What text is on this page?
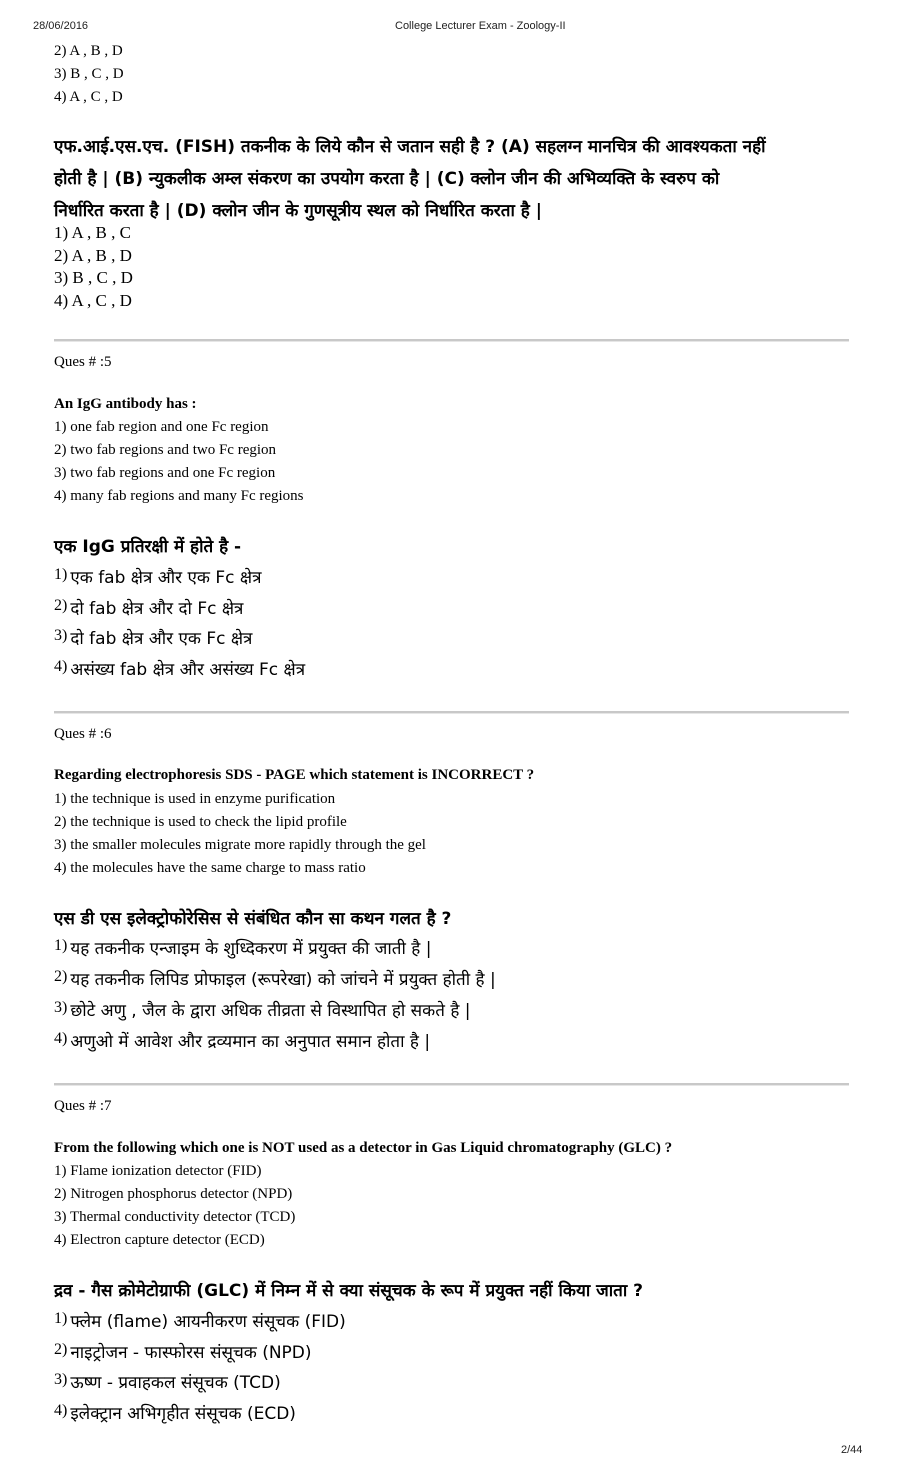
28/06/2016	College Lecturer Exam - Zoology-II
2) A , B , D
3) B , C , D
4) A , C , D
एफ.आई.एस.एच. (FISH) तकनीक के लिये कौन से जतान सही है ? (A) सहलग्न मानचित्र की आवश्यकता नहीं
होती है | (B) न्युकलीक अम्ल संकरण का उपयोग करता है | (C) क्लोन जीन की अभिव्यक्ति के स्वरुप को
निर्धारित करता है | (D) क्लोन जीन के गुणसूत्रीय स्थल को निर्धारित करता है |
1) A , B , C
2) A , B , D
3) B , C , D
4) A , C , D
Ques # :5
An IgG antibody has :
1) one fab region and one Fc region
2) two fab regions and two Fc region
3) two fab regions and one Fc region
4) many fab regions and many Fc regions
एक IgG प्रतिरक्षी में होते है -
1) एक fab क्षेत्र और एक Fc क्षेत्र
2) दो fab क्षेत्र और दो Fc क्षेत्र
3) दो fab क्षेत्र और एक Fc क्षेत्र
4) असंख्य fab क्षेत्र और असंख्य Fc क्षेत्र
Ques # :6
Regarding electrophoresis SDS - PAGE which statement is INCORRECT ?
1) the technique is used in enzyme purification
2) the technique is used to check the lipid profile
3) the smaller molecules migrate more rapidly through the gel
4) the molecules have the same charge to mass ratio
एस डी एस इलेक्ट्रोफोरेसिस से संबंधित कौन सा कथन गलत है ?
1) यह तकनीक एन्जाइम के शुध्दिकरण में प्रयुक्त की जाती है |
2) यह तकनीक लिपिड प्रोफाइल (रूपरेखा) को जांचने में प्रयुक्त होती है |
3) छोटे अणु , जैल के द्वारा अधिक तीव्रता से विस्थापित हो सकते है |
4) अणुओ में आवेश और द्रव्यमान का अनुपात समान होता है |
Ques # :7
From the following which one is NOT used as a detector in Gas Liquid chromatography (GLC) ?
1) Flame ionization detector (FID)
2) Nitrogen phosphorus detector (NPD)
3) Thermal conductivity detector (TCD)
4) Electron capture detector (ECD)
द्रव - गैस क्रोमेटोग्राफी (GLC) में निम्न में से क्या संसूचक के रूप में प्रयुक्त नहीं किया जाता ?
1) फ्लेम (flame) आयनीकरण संसूचक (FID)
2) नाइट्रोजन - फास्फोरस संसूचक (NPD)
3) ऊष्ण - प्रवाहकल संसूचक (TCD)
4) इलेक्ट्रान अभिगृहीत संसूचक (ECD)
2/44
